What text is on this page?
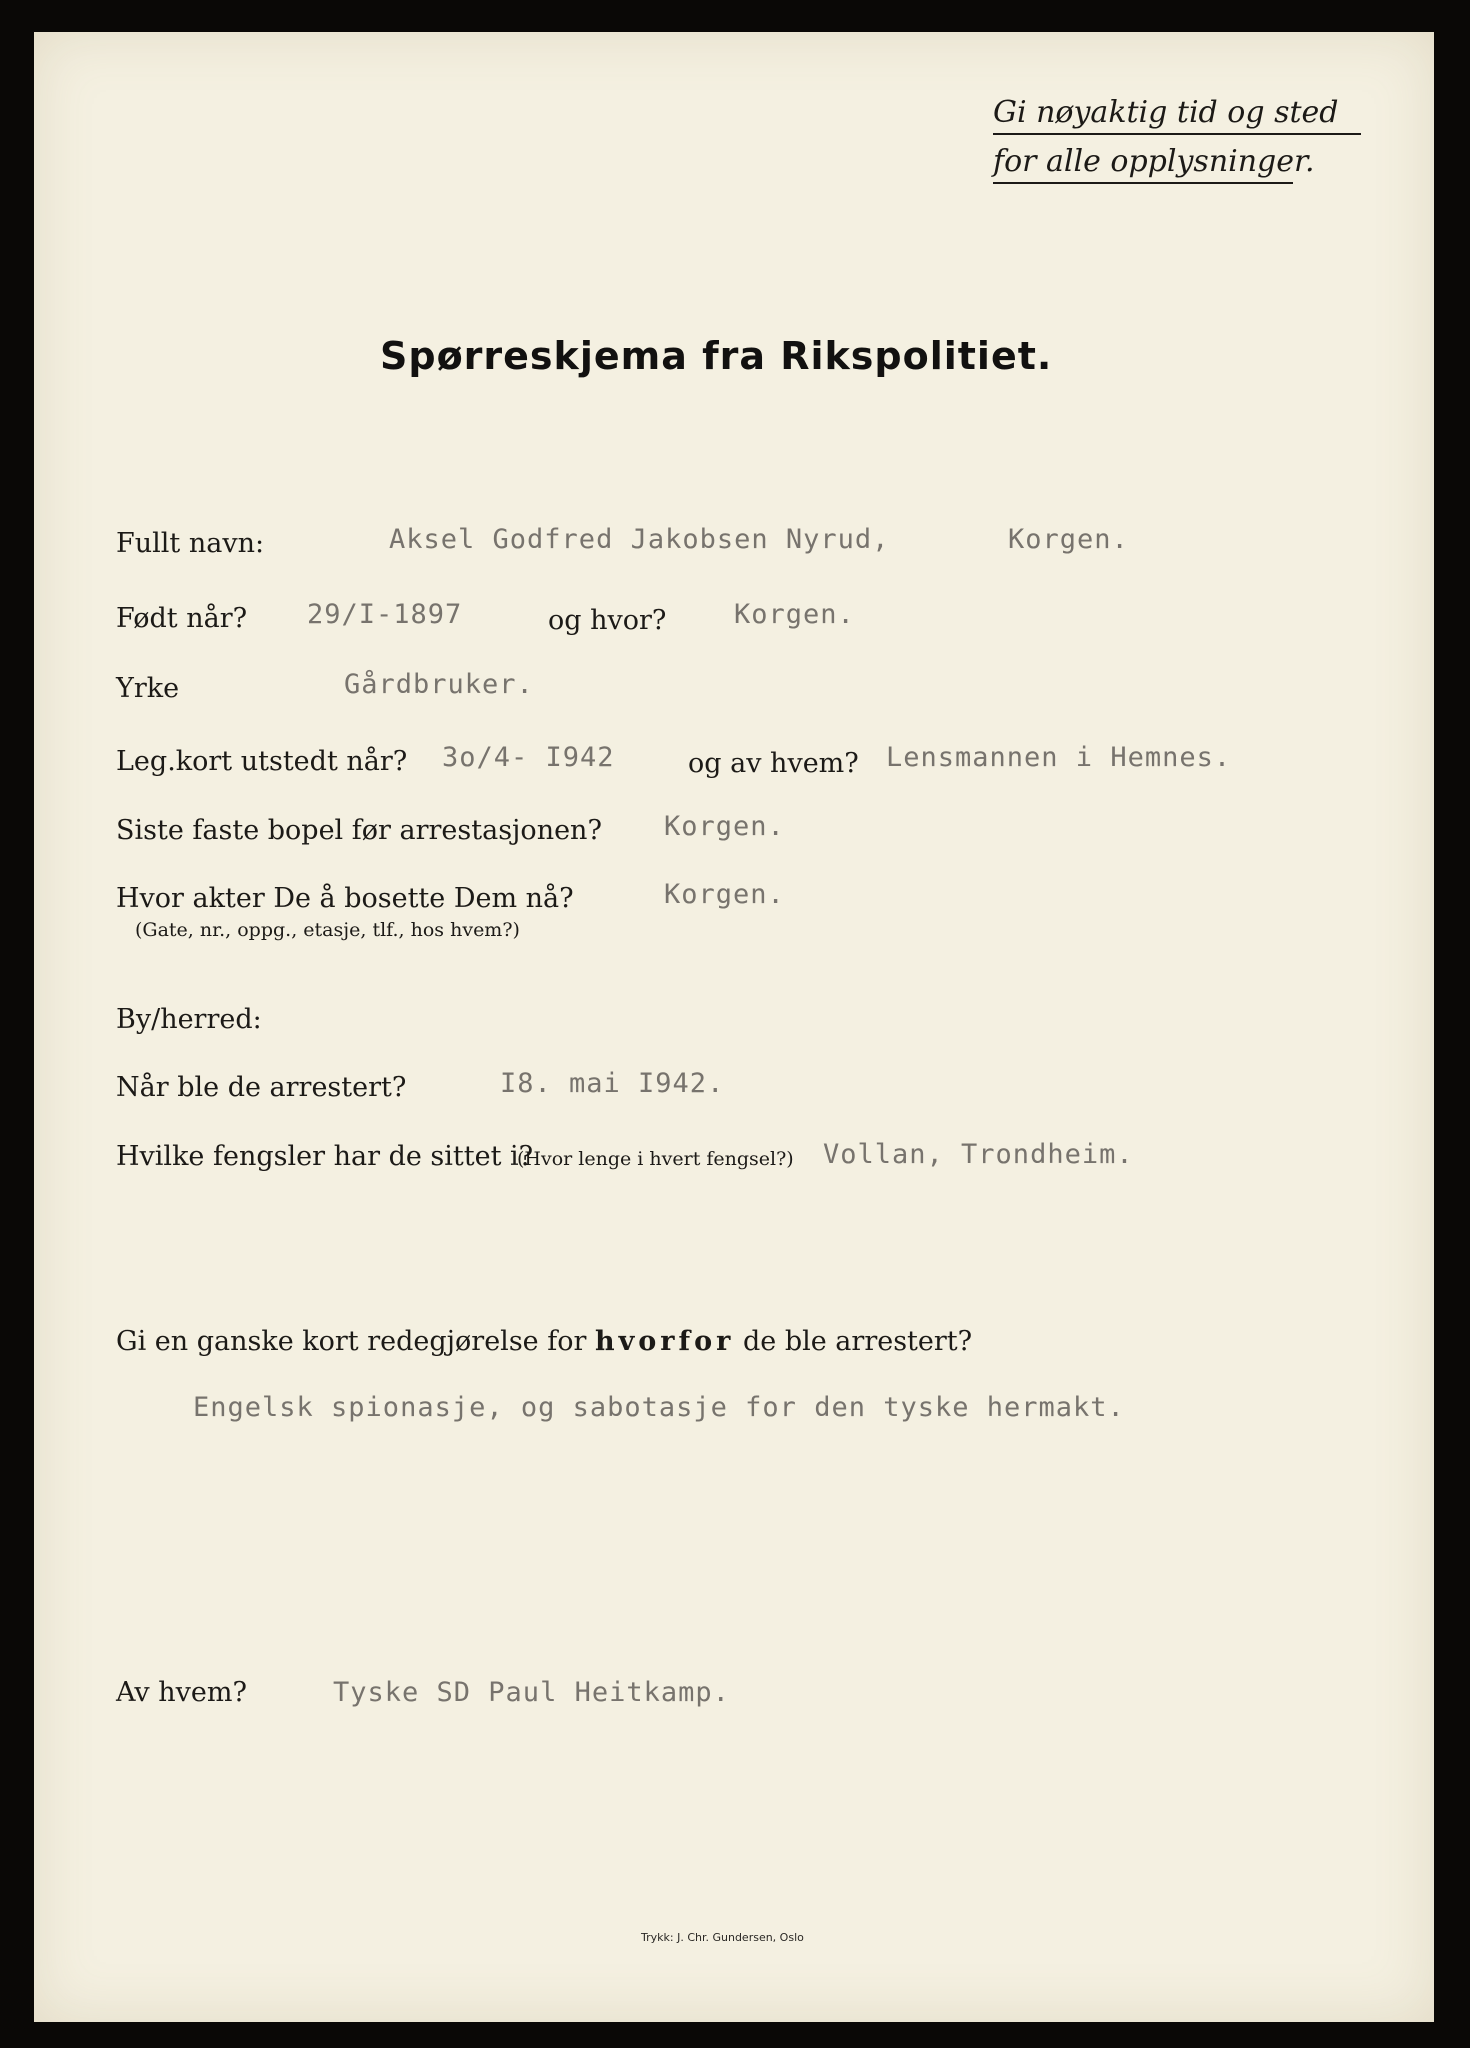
Gi nøyaktig tid og sted
for alle opplysninger.
Spørreskjema fra Rikspolitiet.
Fullt navn:	Aksel Godfred Jakobsen Nyrud,	Korgen.
Født når? 29/I-1897	og hvor?	Korgen.
Yrke	Gårdbruker.
Leg.kort utstedt når? 3o/4- I942	og av hvem? Lensmannen i Hemnes.
Siste faste bopel før arrestasjonen? Korgen.
Hvor akter De å bosette Dem nå?
(Gate, nr., oppg., etasje, tlf., hos hvem?)
Korgen.
By/herred:
Når ble de arrestert?	I8. mai I942.
Hvilke fengsler har de sittet i?
(Hvor lenge i hvert fengsel?) Vollan, Trondheim.
Gi en ganske kort redegjørelse for hvorfor de ble arrestert?
Engelsk spionasje, og sabotasje for den tyske hermakt.
Av hvem?	Tyske SD Paul Heitkamp.
Trykk: J. Chr. Gundersen, Oslo
